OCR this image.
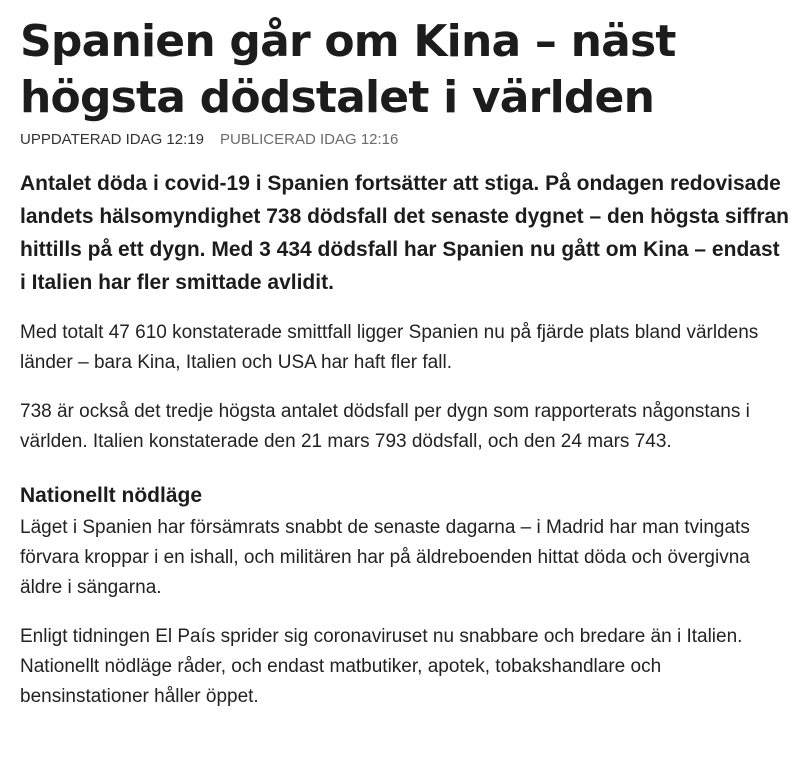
Spanien går om Kina – näst
högsta dödstalet i världen
UPPDATERAD IDAG 12:19 PUBLICERAD IDAG 12:16

Antalet döda i covid-19 i Spanien fortsätter att stiga. På ondagen redovisade landets hälsomyndighet 738 dödsfall det senaste dygnet – den högsta siffran hittills på ett dygn. Med 3 434 dödsfall har Spanien nu gått om Kina – endast i Italien har fler smittade avlidit.

Med totalt 47 610 konstaterade smittfall ligger Spanien nu på fjärde plats bland världens länder – bara Kina, Italien och USA har haft fler fall.

738 är också det tredje högsta antalet dödsfall per dygn som rapporterats någonstans i världen. Italien konstaterade den 21 mars 793 dödsfall, och den 24 mars 743.

Nationellt nödläge

Läget i Spanien har försämrats snabbt de senaste dagarna – i Madrid har man tvingats förvara kroppar i en ishall, och militären har på äldreboenden hittat döda och övergivna äldre i sängarna.

Enligt tidningen El País sprider sig coronaviruset nu snabbare och bredare än i Italien. Nationellt nödläge råder, och endast matbutiker, apotek, tobakshandlare och bensinstationer håller öppet.
